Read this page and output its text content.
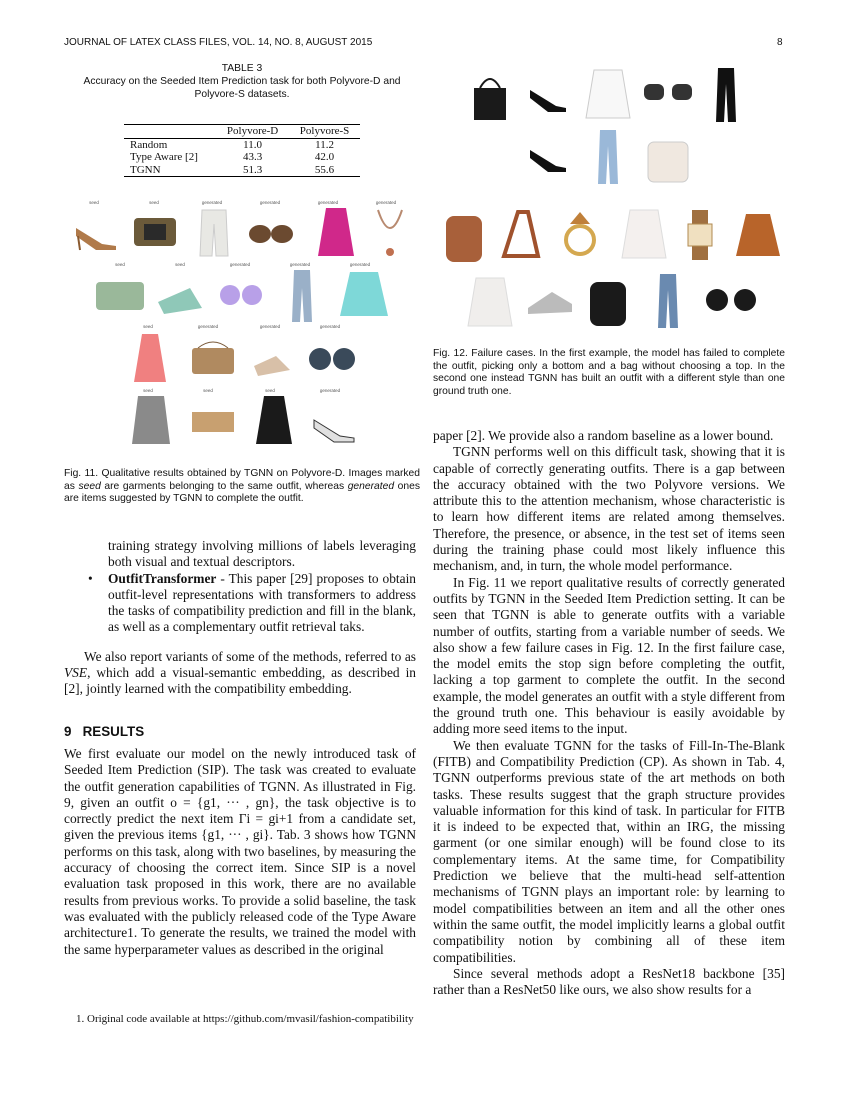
JOURNAL OF LATEX CLASS FILES, VOL. 14, NO. 8, AUGUST 2015	8
TABLE 3
Accuracy on the Seeded Item Prediction task for both Polyvore-D and Polyvore-S datasets.
	Polyvore-D	Polyvore-S
Random	11.0	11.2
Type Aware [2]	43.3	42.0
TGNN	51.3	55.6
seed	seed	generated	generated	generated	generated
seed	seed	generated	generated	generated
seed	generated	generated	generated
seed	seed	seed	generated
Fig. 11. Qualitative results obtained by TGNN on Polyvore-D. Images marked as seed are garments belonging to the same outfit, whereas generated ones are items suggested by TGNN to complete the outfit.
Fig. 12. Failure cases. In the first example, the model has failed to complete the outfit, picking only a bottom and a bag without choosing a top. In the second one instead TGNN has built an outfit with a different style than one ground truth one.

training strategy involving millions of labels leveraging both visual and textual descriptors.

• OutfitTransformer - This paper [29] proposes to obtain outfit-level representations with transformers to address the tasks of compatibility prediction and fill in the blank, as well as a complementary outfit retrieval taks.

We also report variants of some of the methods, referred to as VSE, which add a visual-semantic embedding, as described in [2], jointly learned with the compatibility embedding.

9 RESULTS

We first evaluate our model on the newly introduced task of Seeded Item Prediction (SIP). The task was created to evaluate the outfit generation capabilities of TGNN. As illustrated in Fig. 9, given an outfit o = {g1, ··· , gn}, the task objective is to correctly predict the next item Γi = gi+1 from a candidate set, given the previous items {g1, ··· , gi}. Tab. 3 shows how TGNN performs on this task, along with two baselines, by measuring the accuracy of choosing the correct item. Since SIP is a novel evaluation task proposed in this work, there are no available results from previous works. To provide a solid baseline, the task was evaluated with the publicly released code of the Type Aware architecture1. To generate the results, we trained the model with the same hyperparameter values as described in the original

1. Original code available at https://github.com/mvasil/fashion-compatibility

paper [2]. We provide also a random baseline as a lower bound.

TGNN performs well on this difficult task, showing that it is capable of correctly generating outfits. There is a gap between the accuracy obtained with the two Polyvore versions. We attribute this to the attention mechanism, whose characteristic is to learn how different items are related among themselves. Therefore, the presence, or absence, in the test set of items seen during the training phase could most likely influence this mechanism, and, in turn, the whole model performance.

In Fig. 11 we report qualitative results of correctly generated outfits by TGNN in the Seeded Item Prediction setting. It can be seen that TGNN is able to generate outfits with a variable number of outfits, starting from a variable number of seeds. We also show a few failure cases in Fig. 12. In the first failure case, the model emits the stop sign before completing the outfit, lacking a top garment to complete the outfit. In the second example, the model generates an outfit with a style different from the ground truth one. This behaviour is easily avoidable by adding more seed items to the input.

We then evaluate TGNN for the tasks of Fill-In-The-Blank (FITB) and Compatibility Prediction (CP). As shown in Tab. 4, TGNN outperforms previous state of the art methods on both tasks. These results suggest that the graph structure provides valuable information for this kind of task. In particular for FITB it is indeed to be expected that, within an IRG, the missing garment (or one similar enough) will be found close to its complementary items. At the same time, for Compatibility Prediction we believe that the multi-head self-attention mechanisms of TGNN plays an important role: by learning to model compatibilities between an item and all the other ones within the same outfit, the model implicitly learns a global outfit compatibility notion by combining all of these item compatibilities.

Since several methods adopt a ResNet18 backbone [35] rather than a ResNet50 like ours, we also show results for a
